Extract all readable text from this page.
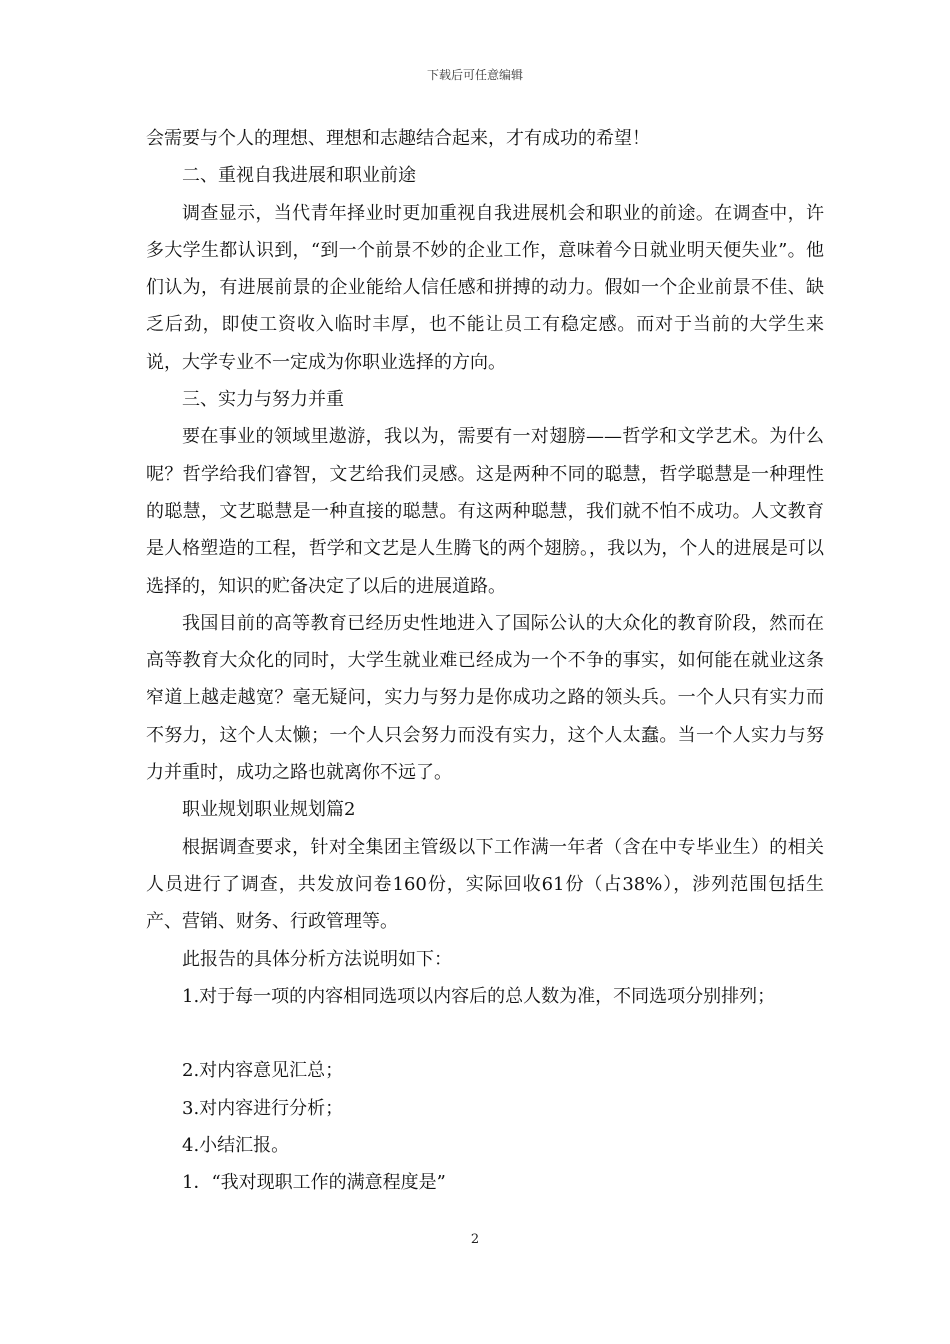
下载后可任意编辑

会需要与个人的理想、理想和志趣结合起来，才有成功的希望！

二、重视自我进展和职业前途

调查显示，当代青年择业时更加重视自我进展机会和职业的前途。在调查中，许多大学生都认识到，“到一个前景不妙的企业工作，意味着今日就业明天便失业”。他们认为，有进展前景的企业能给人信任感和拼搏的动力。假如一个企业前景不佳、缺乏后劲，即使工资收入临时丰厚，也不能让员工有稳定感。而对于当前的大学生来说，大学专业不一定成为你职业选择的方向。

三、实力与努力并重

要在事业的领域里遨游，我以为，需要有一对翅膀——哲学和文学艺术。为什么呢？哲学给我们睿智，文艺给我们灵感。这是两种不同的聪慧，哲学聪慧是一种理性的聪慧，文艺聪慧是一种直接的聪慧。有这两种聪慧，我们就不怕不成功。人文教育是人格塑造的工程，哲学和文艺是人生腾飞的两个翅膀。，我以为，个人的进展是可以选择的，知识的贮备决定了以后的进展道路。

我国目前的高等教育已经历史性地进入了国际公认的大众化的教育阶段，然而在高等教育大众化的同时，大学生就业难已经成为一个不争的事实，如何能在就业这条窄道上越走越宽？毫无疑问，实力与努力是你成功之路的领头兵。一个人只有实力而不努力，这个人太懒；一个人只会努力而没有实力，这个人太蠢。当一个人实力与努力并重时，成功之路也就离你不远了。

职业规划职业规划篇2

根据调查要求，针对全集团主管级以下工作满一年者（含在中专毕业生）的相关人员进行了调查，共发放问卷160份，实际回收61份（占38%），涉列范围包括生产、营销、财务、行政管理等。

此报告的具体分析方法说明如下：

1.对于每一项的内容相同选项以内容后的总人数为准，不同选项分别排列；

2.对内容意见汇总；

3.对内容进行分析；

4.小结汇报。

1．“我对现职工作的满意程度是”

2
